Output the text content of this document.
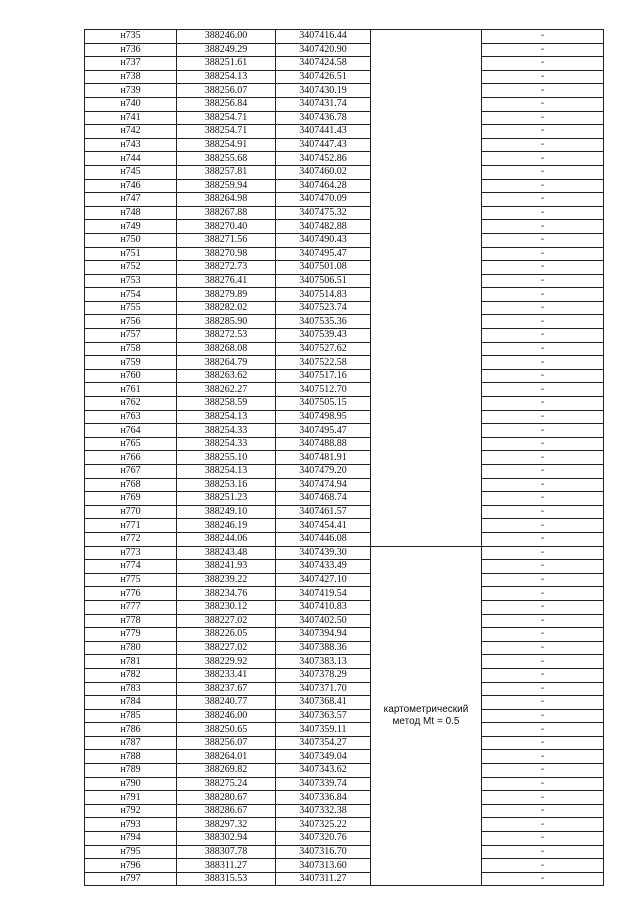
н735	388246.00	3407416.44		-
н736	388249.29	3407420.90		-
н737	388251.61	3407424.58		-
н738	388254.13	3407426.51		-
н739	388256.07	3407430.19		-
н740	388256.84	3407431.74		-
н741	388254.71	3407436.78		-
н742	388254.71	3407441.43		-
н743	388254.91	3407447.43		-
н744	388255.68	3407452.86		-
н745	388257.81	3407460.02		-
н746	388259.94	3407464.28		-
н747	388264.98	3407470.09		-
н748	388267.88	3407475.32		-
н749	388270.40	3407482.88		-
н750	388271.56	3407490.43		-
н751	388270.98	3407495.47		-
н752	388272.73	3407501.08		-
н753	388276.41	3407506.51		-
н754	388279.89	3407514.83		-
н755	388282.02	3407523.74		-
н756	388285.90	3407535.36		-
н757	388272.53	3407539.43		-
н758	388268.08	3407527.62		-
н759	388264.79	3407522.58		-
н760	388263.62	3407517.16		-
н761	388262.27	3407512.70		-
н762	388258.59	3407505.15		-
н763	388254.13	3407498.95		-
н764	388254.33	3407495.47		-
н765	388254.33	3407488.88		-
н766	388255.10	3407481.91		-
н767	388254.13	3407479.20		-
н768	388253.16	3407474.94		-
н769	388251.23	3407468.74		-
н770	388249.10	3407461.57		-
н771	388246.19	3407454.41		-
н772	388244.06	3407446.08		-
н773	388243.48	3407439.30	картометрический
метод Mt = 0.5	-
н774	388241.93	3407433.49		-
н775	388239.22	3407427.10		-
н776	388234.76	3407419.54		-
н777	388230.12	3407410.83		-
н778	388227.02	3407402.50		-
н779	388226.05	3407394.94		-
н780	388227.02	3407388.36		-
н781	388229.92	3407383.13		-
н782	388233.41	3407378.29		-
н783	388237.67	3407371.70		-
н784	388240.77	3407368.41		-
н785	388246.00	3407363.57		-
н786	388250.65	3407359.11		-
н787	388256.07	3407354.27		-
н788	388264.01	3407349.04		-
н789	388269.82	3407343.62		-
н790	388275.24	3407339.74		-
н791	388280.67	3407336.84		-
н792	388286.67	3407332.38		-
н793	388297.32	3407325.22		-
н794	388302.94	3407320.76		-
н795	388307.78	3407316.70		-
н796	388311.27	3407313.60		-
н797	388315.53	3407311.27		-
